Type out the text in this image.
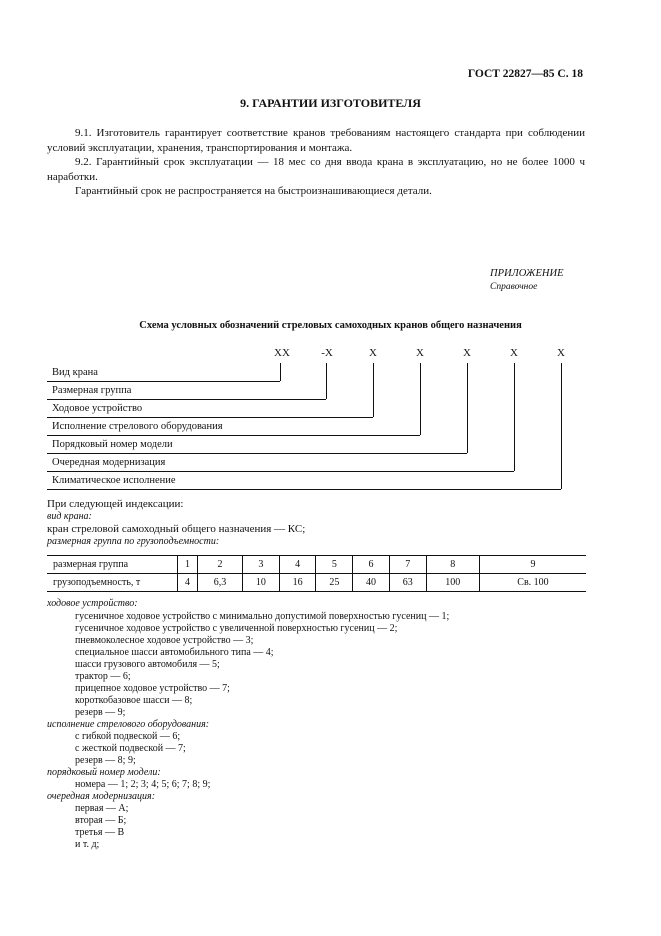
ГОСТ 22827—85 С. 18
9. ГАРАНТИИ ИЗГОТОВИТЕЛЯ
9.1. Изготовитель гарантирует соответствие кранов требованиям настоящего стандарта при соблюдении условий эксплуатации, хранения, транспортирования и монтажа.
9.2. Гарантийный срок эксплуатации — 18 мес со дня ввода крана в эксплуатацию, но не более 1000 ч наработки.
Гарантийный срок не распространяется на быстроизнашивающиеся детали.
ПРИЛОЖЕНИЕ
Справочное
Схема условных обозначений стреловых самоходных кранов общего назначения
XX	-X	X	X	X	X	X
Вид крана
Размерная группа
Ходовое устройство
Исполнение стрелового оборудования
Порядковый номер модели
Очередная модернизация
Климатическое исполнение
При следующей индексации:
вид крана:
кран стреловой самоходный общего назначения — КС;
размерная группа по грузоподъемности:
размерная группа	1	2	3	4	5	6	7	8	9
грузоподъемность, т	4	6,3	10	16	25	40	63	100	Св. 100
ходовое устройство:
гусеничное ходовое устройство с минимально допустимой поверхностью гусениц — 1;
гусеничное ходовое устройство с увеличенной поверхностью гусениц — 2;
пневмоколесное ходовое устройство — 3;
специальное шасси автомобильного типа — 4;
шасси грузового автомобиля — 5;
трактор — 6;
прицепное ходовое устройство — 7;
короткобазовое шасси — 8;
резерв — 9;
исполнение стрелового оборудования:
с гибкой подвеской — 6;
с жесткой подвеской — 7;
резерв — 8; 9;
порядковый номер модели:
номера — 1; 2; 3; 4; 5; 6; 7; 8; 9;
очередная модернизация:
первая — А;
вторая — Б;
третья — В
и т. д;
